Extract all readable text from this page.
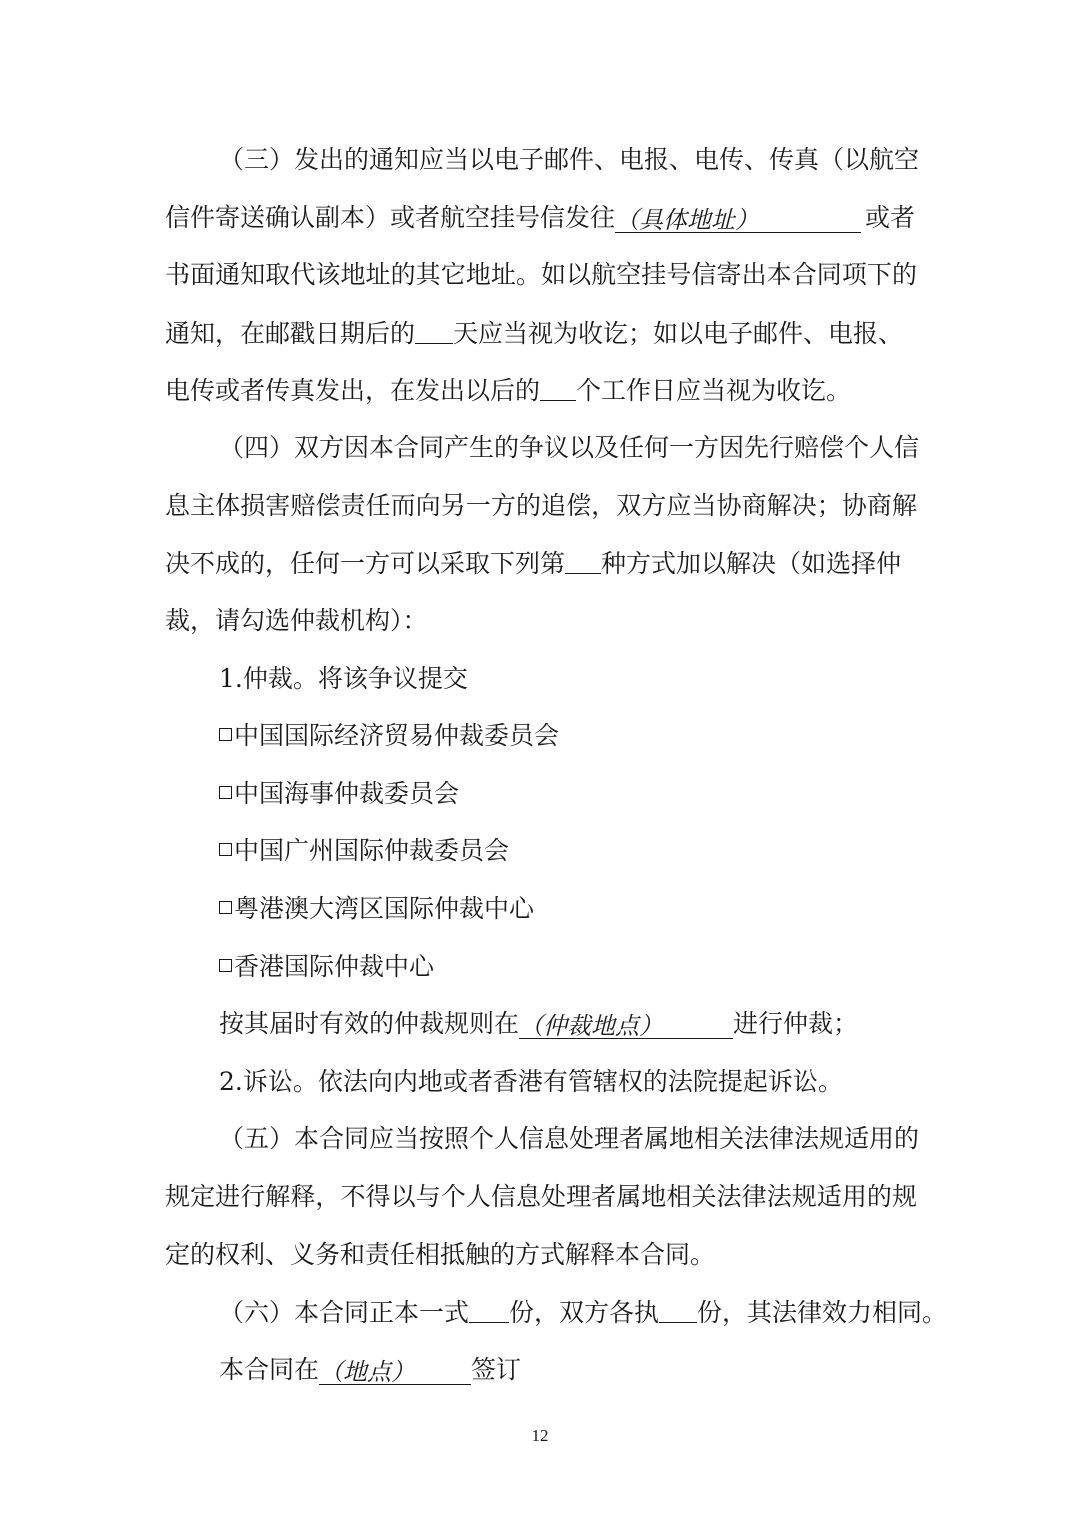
（三）发出的通知应当以电子邮件、电报、电传、传真（以航空
信件寄送确认副本）或者航空挂号信发往（具体地址）	或者
书面通知取代该地址的其它地址。如以航空挂号信寄出本合同项下的
通知，在邮戳日期后的 天应当视为收讫；如以电子邮件、电报、
电传或者传真发出，在发出以后的 个工作日应当视为收讫。
（四）双方因本合同产生的争议以及任何一方因先行赔偿个人信
息主体损害赔偿责任而向另一方的追偿，双方应当协商解决；协商解
决不成的，任何一方可以采取下列第 种方式加以解决（如选择仲
裁，请勾选仲裁机构）：
1.仲裁。将该争议提交
中国国际经济贸易仲裁委员会
中国海事仲裁委员会
中国广州国际仲裁委员会
粤港澳大湾区国际仲裁中心
香港国际仲裁中心
按其届时有效的仲裁规则在（仲裁地点）	进行仲裁；
2.诉讼。依法向内地或者香港有管辖权的法院提起诉讼。
（五）本合同应当按照个人信息处理者属地相关法律法规适用的
规定进行解释，不得以与个人信息处理者属地相关法律法规适用的规
定的权利、义务和责任相抵触的方式解释本合同。
（六）本合同正本一式 份，双方各执 份，其法律效力相同。
本合同在（地点） 签订
12
